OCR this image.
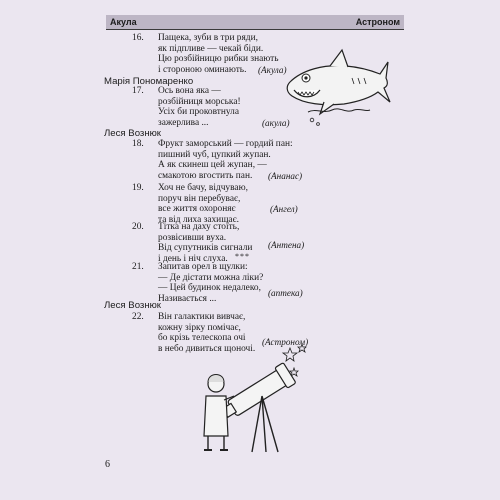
Акула	Астроном
16. Пащека, зуби в три ряди,
як підпливе — чекай біди.
Цю розбійницю рибки знають
і стороною оминають.	(Акула)
Марія Пономаренко
17. Ось вона яка —
розбійниця морська!
Усіх би проковтнула
зажерлива ...	(акула)
Леся Вознюк
18. Фрукт заморський — гордий пан:
пишний чуб, цупкий жупан.
А як скинеш цей жупан, —
смакотою вгостить пан.	(Ананас)
19. Хоч не бачу, відчуваю,
поруч він перебуває,
все життя охороняє
та від лиха захищає.
(Ангел)
20. Тітка на даху стоїть,
розвісивши вуха.
Від супутників сигнали
і день і ніч слуха.
(Антена)
***
21. Запитав орел в щулки:
— Де дістати можна ліки?
— Цей будинок недалеко,
Називається ...
(аптека)
Леся Вознюк
22. Він галактики вивчає,
кожну зірку помічає,
бо крізь телескопа очі
в небо дивиться щоночі.
(Астроном)
6
